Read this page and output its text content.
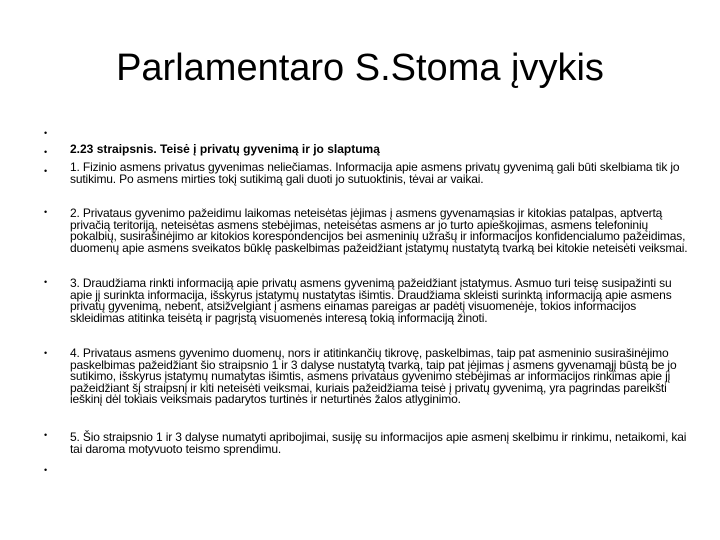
Parlamentaro S.Stoma įvykis
•
•
•
•
•
•
•
•

2.23 straipsnis. Teisė į privatų gyvenimą ir jo slaptumą

1. Fizinio asmens privatus gyvenimas neliečiamas. Informacija apie asmens privatų gyvenimą gali būti skelbiama tik jo sutikimu. Po asmens mirties tokį sutikimą gali duoti jo sutuoktinis, tėvai ar vaikai.

2. Privataus gyvenimo pažeidimu laikomas neteisėtas įėjimas į asmens gyvenamąsias ir kitokias patalpas, aptvertą privačią teritoriją, neteisėtas asmens stebėjimas, neteisėtas asmens ar jo turto apieškojimas, asmens telefoninių pokalbių, susirašinėjimo ar kitokios korespondencijos bei asmeninių užrašų ir informacijos konfidencialumo pažeidimas, duomenų apie asmens sveikatos būklę paskelbimas pažeidžiant įstatymų nustatytą tvarką bei kitokie neteisėti veiksmai.

3. Draudžiama rinkti informaciją apie privatų asmens gyvenimą pažeidžiant įstatymus. Asmuo turi teisę susipažinti su apie jį surinkta informacija, išskyrus įstatymų nustatytas išimtis. Draudžiama skleisti surinktą informaciją apie asmens privatų gyvenimą, nebent, atsižvelgiant į asmens einamas pareigas ar padėtį visuomenėje, tokios informacijos skleidimas atitinka teisėtą ir pagrįstą visuomenės interesą tokią informaciją žinoti.

4. Privataus asmens gyvenimo duomenų, nors ir atitinkančių tikrovę, paskelbimas, taip pat asmeninio susirašinėjimo paskelbimas pažeidžiant šio straipsnio 1 ir 3 dalyse nustatytą tvarką, taip pat įėjimas į asmens gyvenamąjį būstą be jo sutikimo, išskyrus įstatymų numatytas išimtis, asmens privataus gyvenimo stebėjimas ar informacijos rinkimas apie jį pažeidžiant šį straipsnį ir kiti neteisėti veiksmai, kuriais pažeidžiama teisė į privatų gyvenimą, yra pagrindas pareikšti ieškinį dėl tokiais veiksmais padarytos turtinės ir neturtinės žalos atlyginimo.

5. Šio straipsnio 1 ir 3 dalyse numatyti apribojimai, susiję su informacijos apie asmenį skelbimu ir rinkimu, netaikomi, kai tai daroma motyvuoto teismo sprendimu.
